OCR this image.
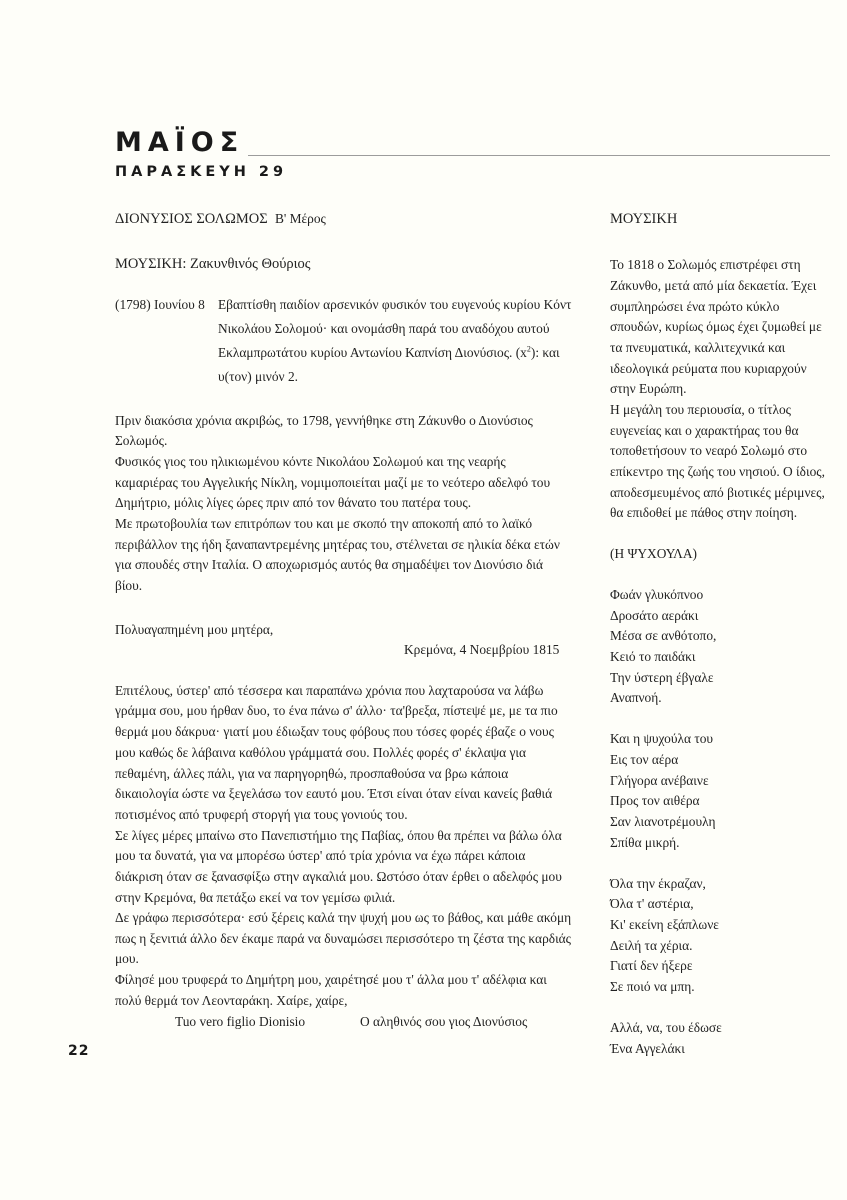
ΜΑΪΟΣ
ΠΑΡΑΣΚΕΥΗ 29
ΔΙΟΝΥΣΙΟΣ ΣΟΛΩΜΟΣ Β' Μέρος
ΜΟΥΣΙΚΗ: Ζακυνθινός Θούριος
(1798) Ιουνίου 8 Εβαπτίσθη παιδίον αρσενικόν φυσικόν του ευγενούς κυρίου Κόντ
Νικολάου Σολομού· και ονομάσθη παρά του αναδόχου αυτού
Εκλαμπρωτάτου κυρίου Αντωνίου Καπνίση Διονύσιος. $(x^2)$: και
υ(τον) μινόν 2.
Πριν διακόσια χρόνια ακριβώς, το 1798, γεννήθηκε στη Ζάκυνθο ο Διονύσιος
Σολωμός.
Φυσικός γιος του ηλικιωμένου κόντε Νικολάου Σολωμού και της νεαρής
καμαριέρας του Αγγελικής Νίκλη, νομιμοποιείται μαζί με το νεότερο αδελφό του
Δημήτριο, μόλις λίγες ώρες πριν από τον θάνατο του πατέρα τους.
Με πρωτοβουλία των επιτρόπων του και με σκοπό την αποκοπή από το λαϊκό
περιβάλλον της ήδη ξαναπαντρεμένης μητέρας του, στέλνεται σε ηλικία δέκα ετών
για σπουδές στην Ιταλία. Ο αποχωρισμός αυτός θα σημαδέψει τον Διονύσιο διά
βίου.
Πολυαγαπημένη μου μητέρα,
Κρεμόνα, 4 Νοεμβρίου 1815
Επιτέλους, ύστερ' από τέσσερα και παραπάνω χρόνια που λαχταρούσα να λάβω
γράμμα σου, μου ήρθαν δυο, το ένα πάνω σ' άλλο· τα'βρεξα, πίστεψέ με, με τα πιο
θερμά μου δάκρυα· γιατί μου έδιωξαν τους φόβους που τόσες φορές έβαζε ο νους
μου καθώς δε λάβαινα καθόλου γράμματά σου. Πολλές φορές σ' έκλαψα για
πεθαμένη, άλλες πάλι, για να παρηγορηθώ, προσπαθούσα να βρω κάποια
δικαιολογία ώστε να ξεγελάσω τον εαυτό μου. Έτσι είναι όταν είναι κανείς βαθιά
ποτισμένος από τρυφερή στοργή για τους γονιούς του.
Σε λίγες μέρες μπαίνω στο Πανεπιστήμιο της Παβίας, όπου θα πρέπει να βάλω όλα
μου τα δυνατά, για να μπορέσω ύστερ' από τρία χρόνια να έχω πάρει κάποια
διάκριση όταν σε ξανασφίξω στην αγκαλιά μου. Ωστόσο όταν έρθει ο αδελφός μου
στην Κρεμόνα, θα πετάξω εκεί να τον γεμίσω φιλιά.
Δε γράφω περισσότερα· εσύ ξέρεις καλά την ψυχή μου ως το βάθος, και μάθε ακόμη
πως η ξενιτιά άλλο δεν έκαμε παρά να δυναμώσει περισσότερο τη ζέστα της καρδιάς
μου.
Φίλησέ μου τρυφερά το Δημήτρη μου, χαιρέτησέ μου τ' άλλα μου τ' αδέλφια και
πολύ θερμά τον Λεονταράκη. Χαίρε, χαίρε,
Tuo vero figlio Dionisio	Ο αληθινός σου γιος Διονύσιος
ΜΟΥΣΙΚΗ
Το 1818 ο Σολωμός επιστρέφει στη
Ζάκυνθο, μετά από μία δεκαετία. Έχει
συμπληρώσει ένα πρώτο κύκλο
σπουδών, κυρίως όμως έχει ζυμωθεί με
τα πνευματικά, καλλιτεχνικά και
ιδεολογικά ρεύματα που κυριαρχούν
στην Ευρώπη.
Η μεγάλη του περιουσία, ο τίτλος
ευγενείας και ο χαρακτήρας του θα
τοποθετήσουν το νεαρό Σολωμό στο
επίκεντρο της ζωής του νησιού. Ο ίδιος,
αποδεσμευμένος από βιοτικές μέριμνες,
θα επιδοθεί με πάθος στην ποίηση.
(Η ΨΥΧΟΥΛΑ)
Φωάν γλυκόπνοο
Δροσάτο αεράκι
Μέσα σε ανθότοπο,
Κειό το παιδάκι
Την ύστερη έβγαλε
Αναπνοή.
Και η ψυχούλα του
Εις τον αέρα
Γλήγορα ανέβαινε
Προς τον αιθέρα
Σαν λιανοτρέμουλη
Σπίθα μικρή.
Όλα την έκραζαν,
Όλα τ' αστέρια,
Κι' εκείνη εξάπλωνε
Δειλή τα χέρια.
Γιατί δεν ήξερε
Σε ποιό να μπη.
Αλλά, να, του έδωσε
Ένα Αγγελάκι
22
